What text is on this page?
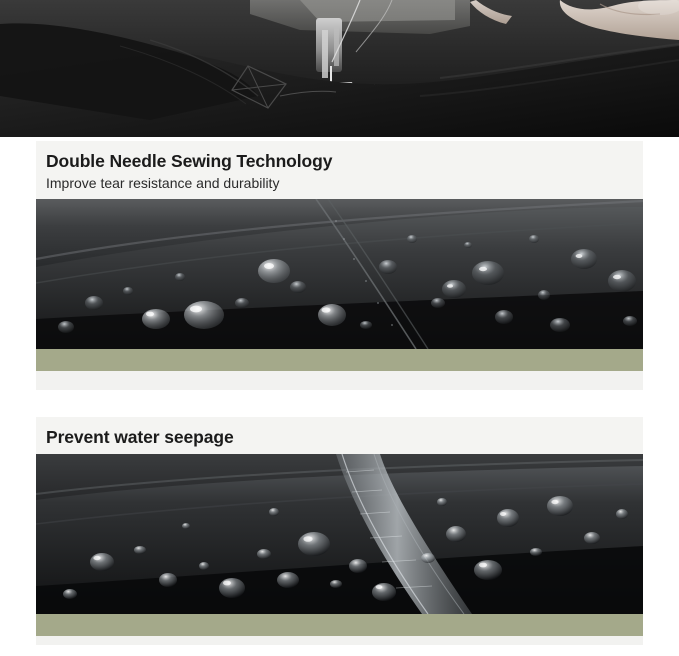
Double Needle Sewing Technology

Improve tear resistance and durability

Prevent water seepage
